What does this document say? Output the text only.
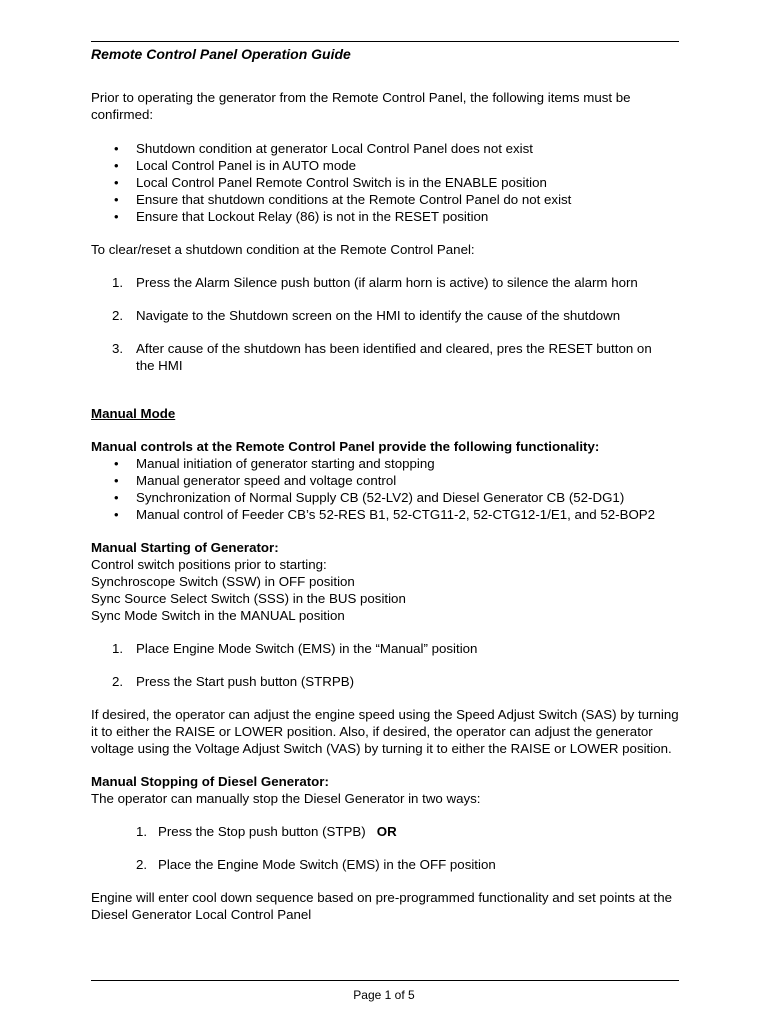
Remote Control Panel Operation Guide

Prior to operating the generator from the Remote Control Panel, the following items must be confirmed:

• Shutdown condition at generator Local Control Panel does not exist
• Local Control Panel is in AUTO mode
• Local Control Panel Remote Control Switch is in the ENABLE position
• Ensure that shutdown conditions at the Remote Control Panel do not exist
• Ensure that Lockout Relay (86) is not in the RESET position

To clear/reset a shutdown condition at the Remote Control Panel:

1. Press the Alarm Silence push button (if alarm horn is active) to silence the alarm horn
2. Navigate to the Shutdown screen on the HMI to identify the cause of the shutdown
3. After cause of the shutdown has been identified and cleared, pres the RESET button on the HMI

Manual Mode

Manual controls at the Remote Control Panel provide the following functionality:

• Manual initiation of generator starting and stopping
• Manual generator speed and voltage control
• Synchronization of Normal Supply CB (52-LV2) and Diesel Generator CB (52-DG1)
• Manual control of Feeder CB’s 52-RES B1, 52-CTG11-2, 52-CTG12-1/E1, and 52-BOP2

Manual Starting of Generator:

Control switch positions prior to starting:

Synchroscope Switch (SSW) in OFF position

Sync Source Select Switch (SSS) in the BUS position

Sync Mode Switch in the MANUAL position

1. Place Engine Mode Switch (EMS) in the “Manual” position
2. Press the Start push button (STRPB)

If desired, the operator can adjust the engine speed using the Speed Adjust Switch (SAS) by turning it to either the RAISE or LOWER position. Also, if desired, the operator can adjust the generator voltage using the Voltage Adjust Switch (VAS) by turning it to either the RAISE or LOWER position.

Manual Stopping of Diesel Generator:

The operator can manually stop the Diesel Generator in two ways:

1. Press the Stop push button (STPB) OR
2. Place the Engine Mode Switch (EMS) in the OFF position

Engine will enter cool down sequence based on pre-programmed functionality and set points at the Diesel Generator Local Control Panel

Page 1 of 5
